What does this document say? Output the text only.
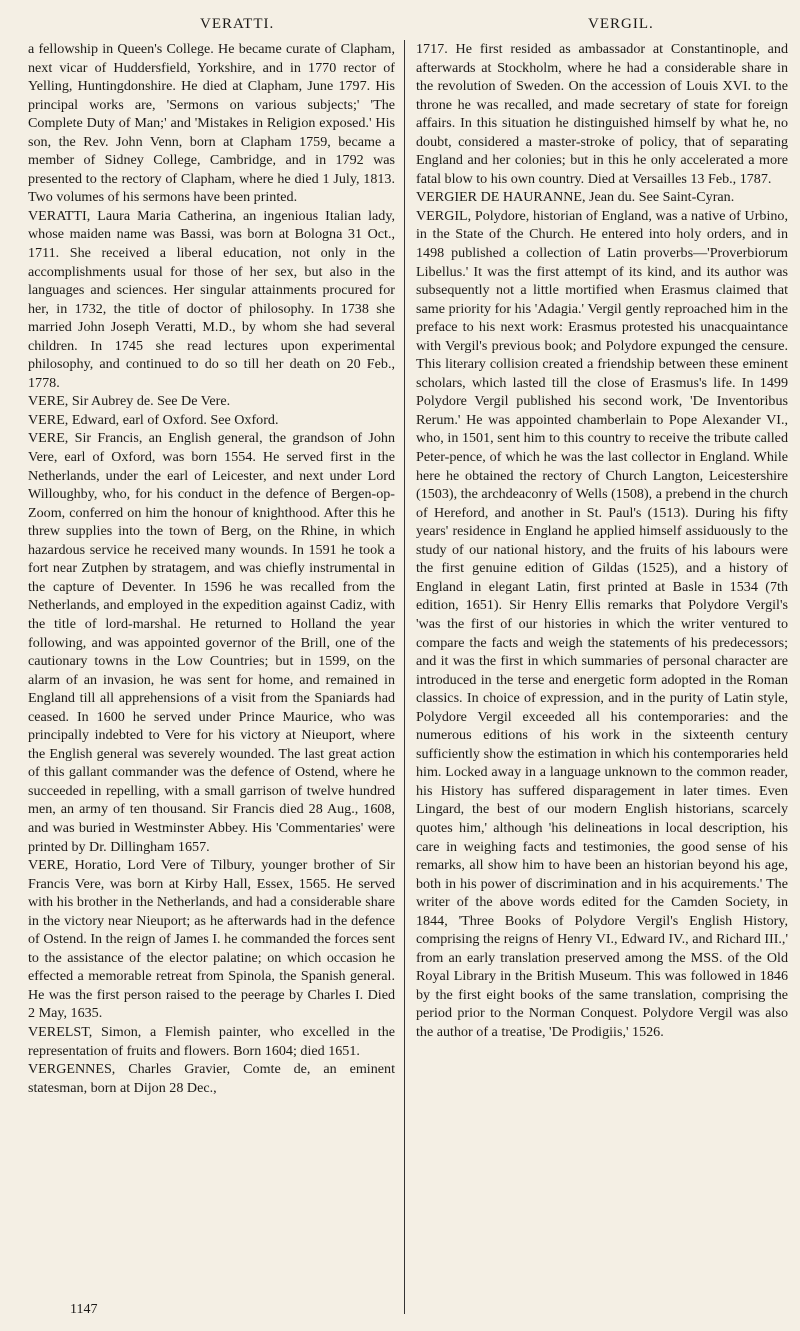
VERATTI.	VERGIL.

a fellowship in Queen's College. He became curate of Clapham, next vicar of Huddersfield, Yorkshire, and in 1770 rector of Yelling, Huntingdonshire. He died at Clapham, June 1797. His principal works are, 'Sermons on various subjects;' 'The Complete Duty of Man;' and 'Mistakes in Religion exposed.' His son, the Rev. John Venn, born at Clapham 1759, became a member of Sidney College, Cambridge, and in 1792 was presented to the rectory of Clapham, where he died 1 July, 1813. Two volumes of his sermons have been printed.

VERATTI, Laura Maria Catherina, an ingenious Italian lady, whose maiden name was Bassi, was born at Bologna 31 Oct., 1711. She received a liberal education, not only in the accomplishments usual for those of her sex, but also in the languages and sciences. Her singular attainments procured for her, in 1732, the title of doctor of philosophy. In 1738 she married John Joseph Veratti, M.D., by whom she had several children. In 1745 she read lectures upon experimental philosophy, and continued to do so till her death on 20 Feb., 1778.

VERE, Sir Aubrey de. See De Vere.

VERE, Edward, earl of Oxford. See Oxford.

VERE, Sir Francis, an English general, the grandson of John Vere, earl of Oxford, was born 1554. He served first in the Netherlands, under the earl of Leicester, and next under Lord Willoughby, who, for his conduct in the defence of Bergen-op-Zoom, conferred on him the honour of knighthood. After this he threw supplies into the town of Berg, on the Rhine, in which hazardous service he received many wounds. In 1591 he took a fort near Zutphen by stratagem, and was chiefly instrumental in the capture of Deventer. In 1596 he was recalled from the Netherlands, and employed in the expedition against Cadiz, with the title of lord-marshal. He returned to Holland the year following, and was appointed governor of the Brill, one of the cautionary towns in the Low Countries; but in 1599, on the alarm of an invasion, he was sent for home, and remained in England till all apprehensions of a visit from the Spaniards had ceased. In 1600 he served under Prince Maurice, who was principally indebted to Vere for his victory at Nieuport, where the English general was severely wounded. The last great action of this gallant commander was the defence of Ostend, where he succeeded in repelling, with a small garrison of twelve hundred men, an army of ten thousand. Sir Francis died 28 Aug., 1608, and was buried in Westminster Abbey. His 'Commentaries' were printed by Dr. Dillingham 1657.

VERE, Horatio, Lord Vere of Tilbury, younger brother of Sir Francis Vere, was born at Kirby Hall, Essex, 1565. He served with his brother in the Netherlands, and had a considerable share in the victory near Nieuport; as he afterwards had in the defence of Ostend. In the reign of James I. he commanded the forces sent to the assistance of the elector palatine; on which occasion he effected a memorable retreat from Spinola, the Spanish general. He was the first person raised to the peerage by Charles I. Died 2 May, 1635.

VERELST, Simon, a Flemish painter, who excelled in the representation of fruits and flowers. Born 1604; died 1651.

VERGENNES, Charles Gravier, Comte de, an eminent statesman, born at Dijon 28 Dec.,

1717. He first resided as ambassador at Constantinople, and afterwards at Stockholm, where he had a considerable share in the revolution of Sweden. On the accession of Louis XVI. to the throne he was recalled, and made secretary of state for foreign affairs. In this situation he distinguished himself by what he, no doubt, considered a master-stroke of policy, that of separating England and her colonies; but in this he only accelerated a more fatal blow to his own country. Died at Versailles 13 Feb., 1787.

VERGIER DE HAURANNE, Jean du. See Saint-Cyran.

VERGIL, Polydore, historian of England, was a native of Urbino, in the State of the Church. He entered into holy orders, and in 1498 published a collection of Latin proverbs—'Proverbiorum Libellus.' It was the first attempt of its kind, and its author was subsequently not a little mortified when Erasmus claimed that same priority for his 'Adagia.' Vergil gently reproached him in the preface to his next work: Erasmus protested his unacquaintance with Vergil's previous book; and Polydore expunged the censure. This literary collision created a friendship between these eminent scholars, which lasted till the close of Erasmus's life. In 1499 Polydore Vergil published his second work, 'De Inventoribus Rerum.' He was appointed chamberlain to Pope Alexander VI., who, in 1501, sent him to this country to receive the tribute called Peter-pence, of which he was the last collector in England. While here he obtained the rectory of Church Langton, Leicestershire (1503), the archdeaconry of Wells (1508), a prebend in the church of Hereford, and another in St. Paul's (1513). During his fifty years' residence in England he applied himself assiduously to the study of our national history, and the fruits of his labours were the first genuine edition of Gildas (1525), and a history of England in elegant Latin, first printed at Basle in 1534 (7th edition, 1651). Sir Henry Ellis remarks that Polydore Vergil's 'was the first of our histories in which the writer ventured to compare the facts and weigh the statements of his predecessors; and it was the first in which summaries of personal character are introduced in the terse and energetic form adopted in the Roman classics. In choice of expression, and in the purity of Latin style, Polydore Vergil exceeded all his contemporaries: and the numerous editions of his work in the sixteenth century sufficiently show the estimation in which his contemporaries held him. Locked away in a language unknown to the common reader, his History has suffered disparagement in later times. Even Lingard, the best of our modern English historians, scarcely quotes him,' although 'his delineations in local description, his care in weighing facts and testimonies, the good sense of his remarks, all show him to have been an historian beyond his age, both in his power of discrimination and in his acquirements.' The writer of the above words edited for the Camden Society, in 1844, 'Three Books of Polydore Vergil's English History, comprising the reigns of Henry VI., Edward IV., and Richard III.,' from an early translation preserved among the MSS. of the Old Royal Library in the British Museum. This was followed in 1846 by the first eight books of the same translation, comprising the period prior to the Norman Conquest. Polydore Vergil was also the author of a treatise, 'De Prodigiis,' 1526.

1147
